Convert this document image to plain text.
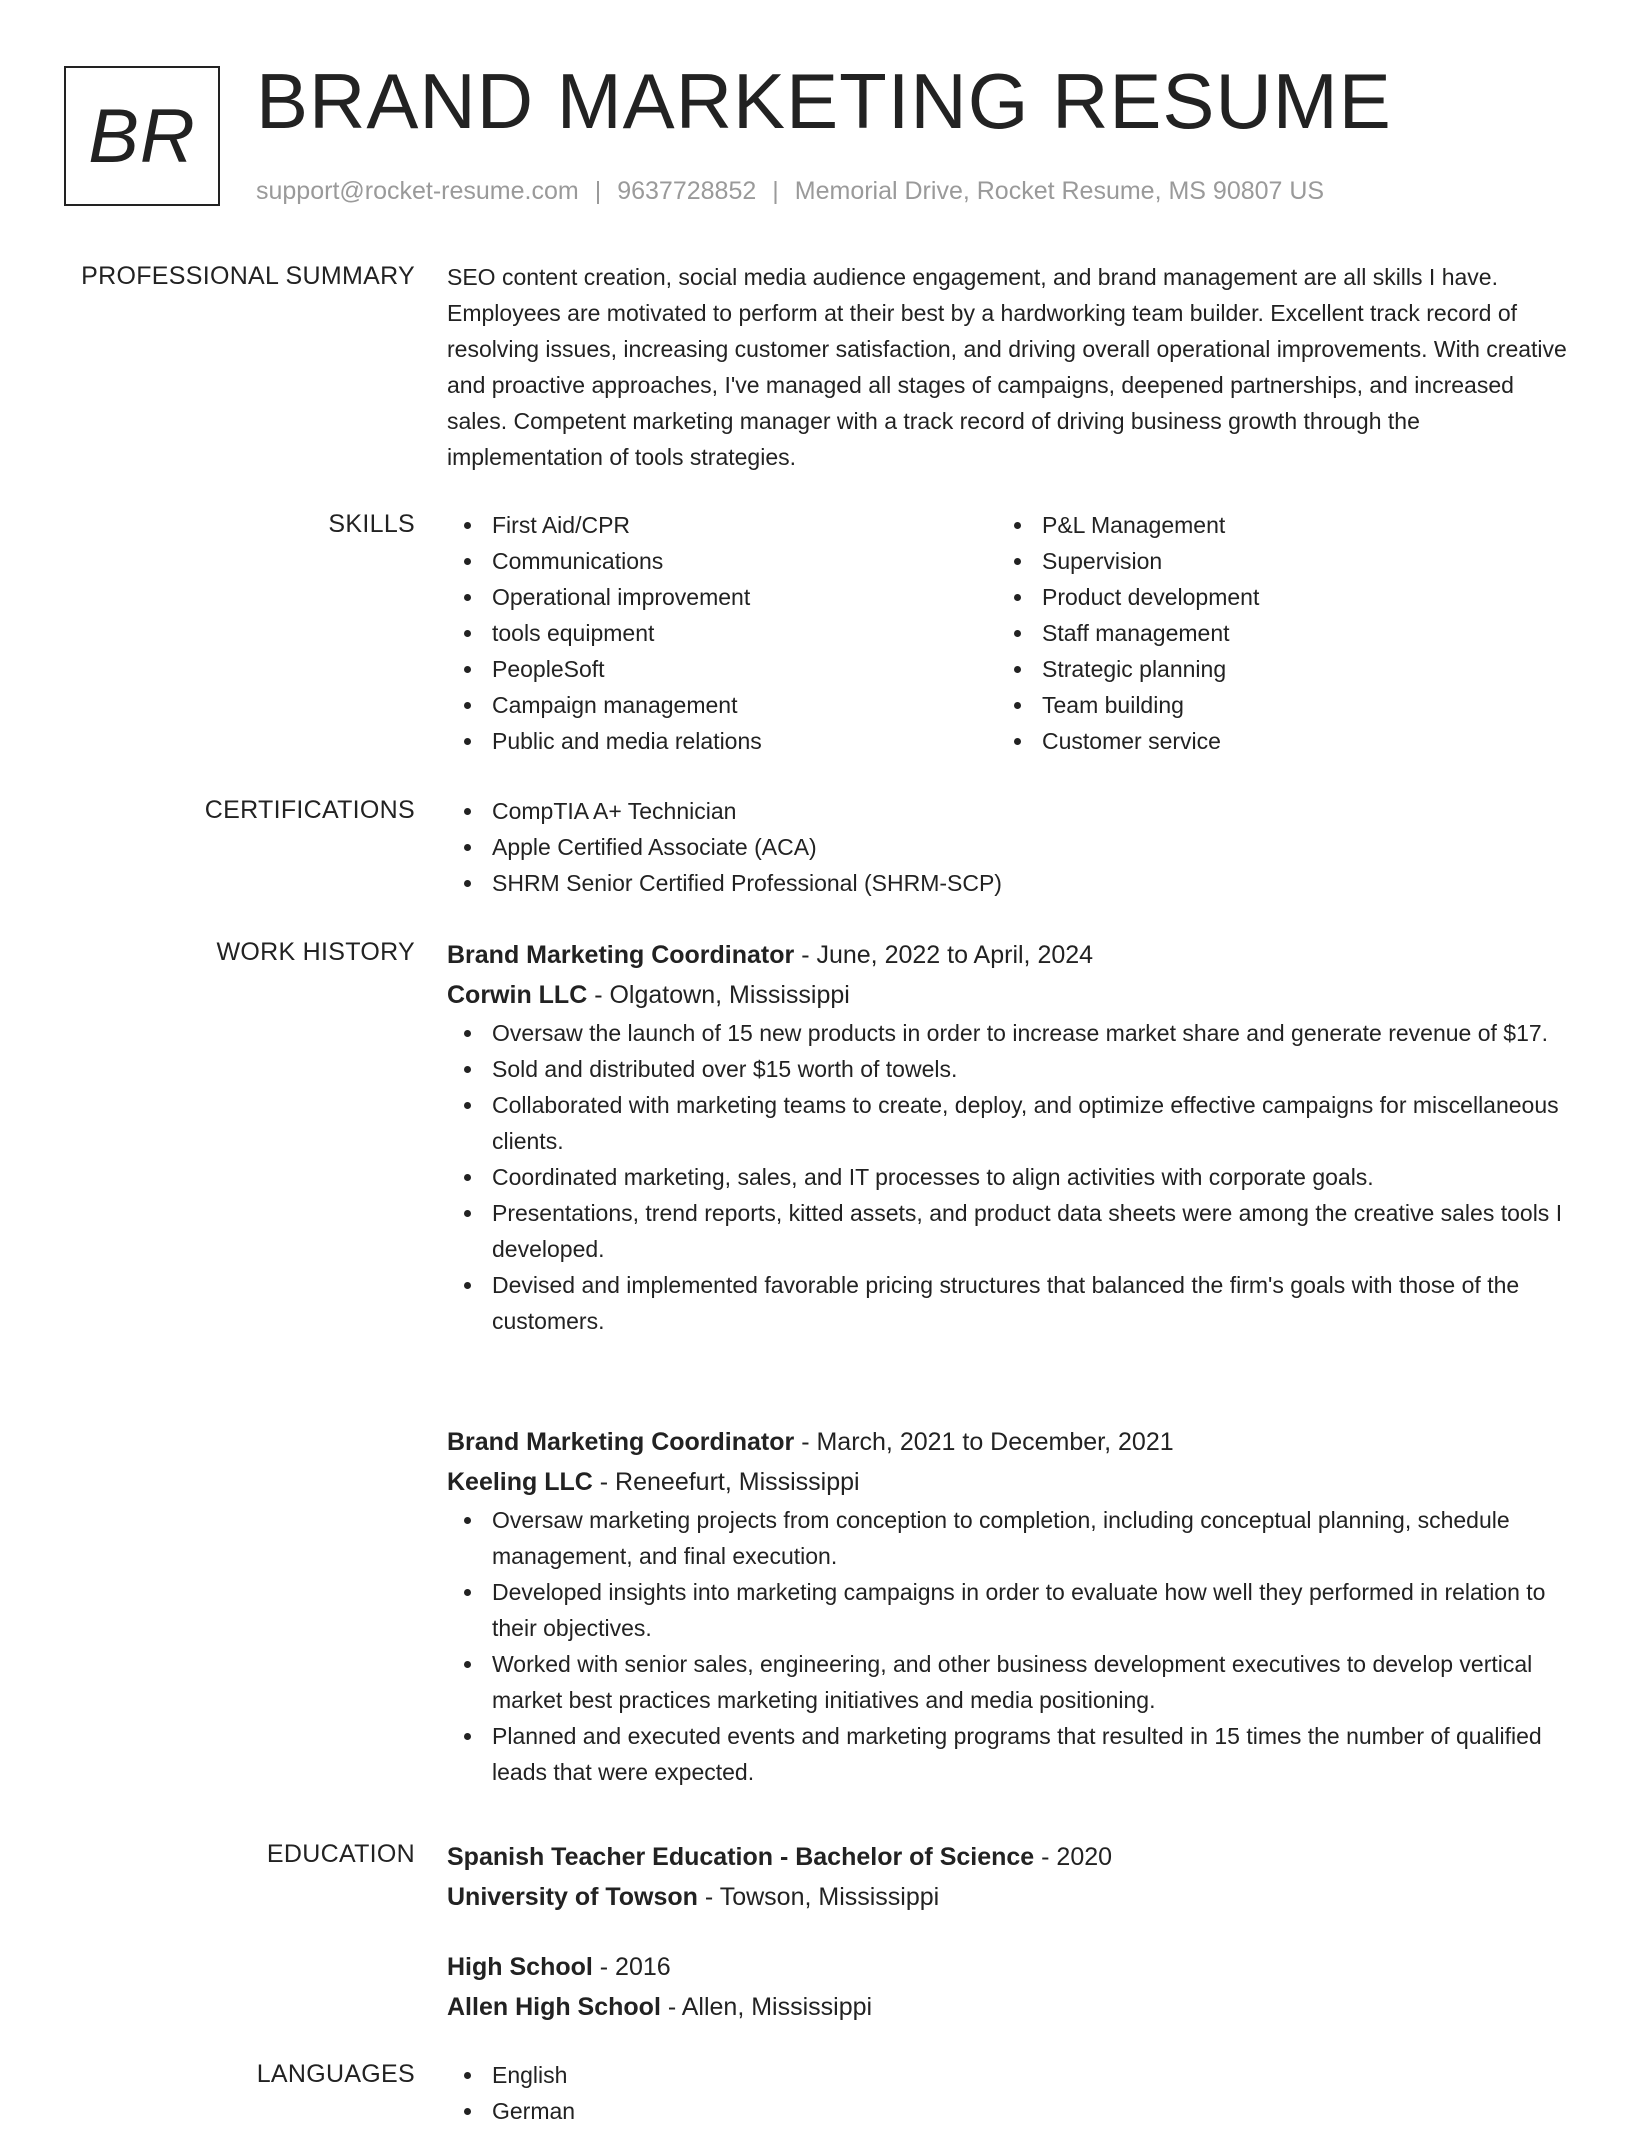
BR BRAND MARKETING RESUME
support@rocket-resume.com | 9637728852 | Memorial Drive, Rocket Resume, MS 90807 US
PROFESSIONAL SUMMARY SEO content creation, social media audience engagement, and brand management are all skills I have. Employees are motivated to perform at their best by a hardworking team builder. Excellent track record of resolving issues, increasing customer satisfaction, and driving overall operational improvements. With creative and proactive approaches, I've managed all stages of campaigns, deepened partnerships, and increased sales. Competent marketing manager with a track record of driving business growth through the implementation of tools strategies.

SKILLS	First Aid/CPR
Communications
Operational improvement
tools equipment
PeopleSoft
Campaign management
Public and media relations
P&L Management
Supervision
Product development
Staff management
Strategic planning
Team building
Customer service
CERTIFICATIONS	CompTIA A+ Technician
Apple Certified Associate (ACA)
SHRM Senior Certified Professional (SHRM-SCP)
WORK HISTORY Brand Marketing Coordinator - June, 2022 to April, 2024
Corwin LLC - Olgatown, Mississippi
Oversaw the launch of 15 new products in order to increase market share and generate revenue of $17.
Sold and distributed over $15 worth of towels.
Collaborated with marketing teams to create, deploy, and optimize effective campaigns for miscellaneous clients.
Coordinated marketing, sales, and IT processes to align activities with corporate goals.
Presentations, trend reports, kitted assets, and product data sheets were among the creative sales tools I developed.
Devised and implemented favorable pricing structures that balanced the firm's goals with those of the customers.
Brand Marketing Coordinator - March, 2021 to December, 2021
Keeling LLC - Reneefurt, Mississippi
Oversaw marketing projects from conception to completion, including conceptual planning, schedule management, and final execution.
Developed insights into marketing campaigns in order to evaluate how well they performed in relation to their objectives.
Worked with senior sales, engineering, and other business development executives to develop vertical market best practices marketing initiatives and media positioning.
Planned and executed events and marketing programs that resulted in 15 times the number of qualified leads that were expected.
EDUCATION Spanish Teacher Education - Bachelor of Science - 2020
University of Towson - Towson, Mississippi
High School - 2016
Allen High School - Allen, Mississippi
LANGUAGES	English
German
